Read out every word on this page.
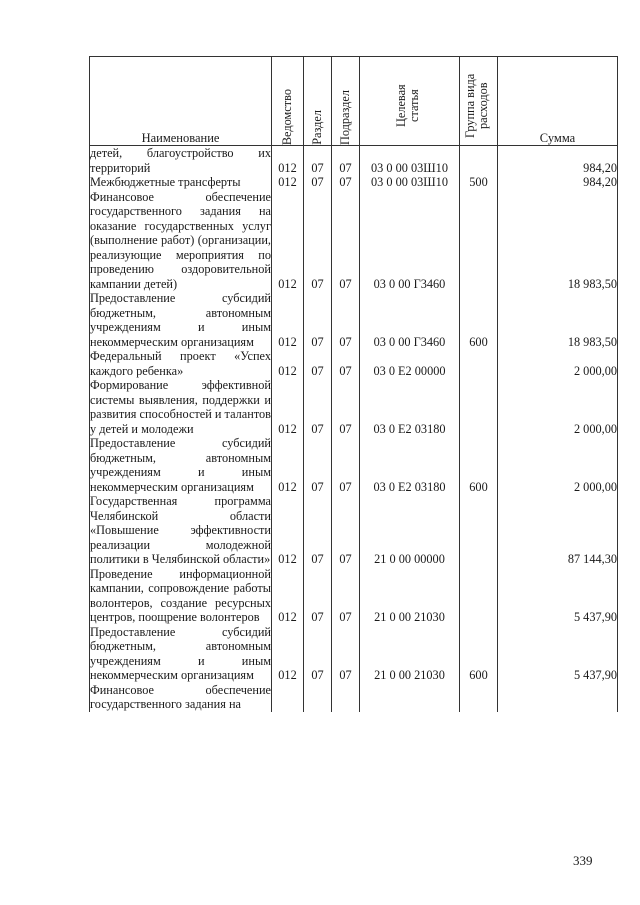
Наименование	Ведомство	Раздел	Подраздел	Целевая статья	Группа вида расходов	Сумма
детей, благоустройство их территорий	012	07	07	03 0 00 03Ш10		984,20
Межбюджетные трансферты	012	07	07	03 0 00 03Ш10	500	984,20
Финансовое обеспечение государственного задания на оказание государственных услуг (выполнение работ) (организации, реализующие мероприятия по проведению оздоровительной кампании детей)	012	07	07	03 0 00 Г3460		18 983,50
Предоставление субсидий бюджетным, автономным учреждениям и иным некоммерческим организациям	012	07	07	03 0 00 Г3460	600	18 983,50
Федеральный проект «Успех каждого ребенка»	012	07	07	03 0 Е2 00000		2 000,00
Формирование эффективной системы выявления, поддержки и развития способностей и талантов у детей и молодежи	012	07	07	03 0 Е2 03180		2 000,00
Предоставление субсидий бюджетным, автономным учреждениям и иным некоммерческим организациям	012	07	07	03 0 Е2 03180	600	2 000,00
Государственная программа Челябинской области «Повышение эффективности реализации молодежной политики в Челябинской области»	012	07	07	21 0 00 00000		87 144,30
Проведение информационной кампании, сопровождение работы волонтеров, создание ресурсных центров, поощрение волонтеров	012	07	07	21 0 00 21030		5 437,90
Предоставление субсидий бюджетным, автономным учреждениям и иным некоммерческим организациям	012	07	07	21 0 00 21030	600	5 437,90
Финансовое обеспечение государственного задания на						
339
